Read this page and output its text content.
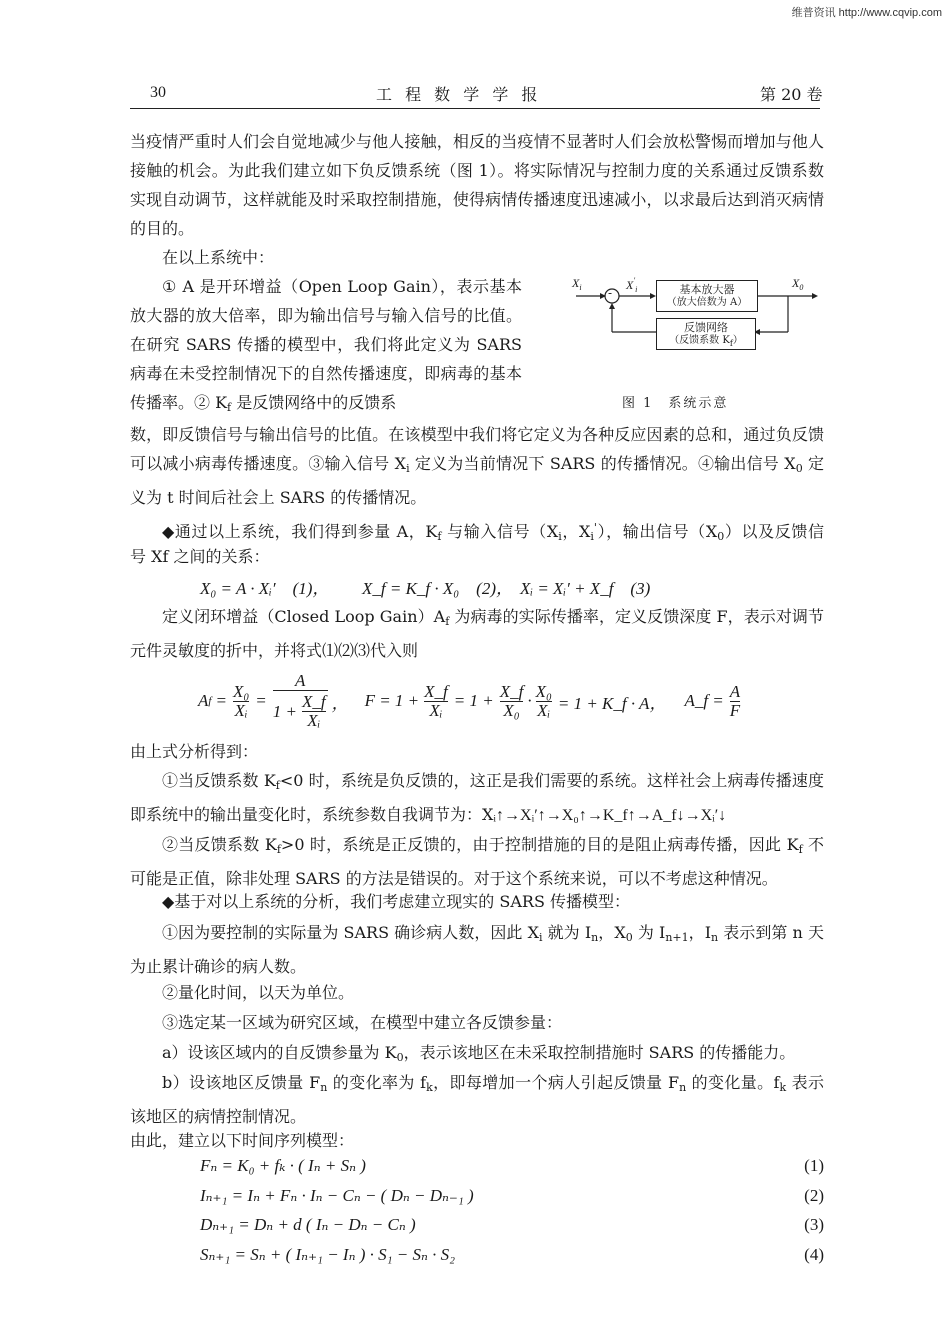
维普资讯 http://www.cqvip.com
30	工 程 数 学 学 报	第 20 卷

当疫情严重时人们会自觉地减少与他人接触，相反的当疫情不显著时人们会放松警惕而增加与他人接触的机会。为此我们建立如下负反馈系统（图 1）。将实际情况与控制力度的关系通过反馈系数实现自动调节，这样就能及时采取控制措施，使得病情传播速度迅速减小，以求最后达到消灭病情的目的。

在以上系统中：

① A 是开环增益（Open Loop Gain），表示基本放大器的放大倍率，即为输出信号与输入信号的比值。在研究 SARS 传播的模型中，我们将此定义为 SARS 病毒在未受控制情况下的自然传播速度，即病毒的基本传播率。② $K_f$ 是反馈网络中的反馈系

$X_i$ -
$X'_i$	$X_0$
基本放大器
（放大倍数为 A）
反馈网络
（反馈系数 $K_f$）
图 1　系统示意

数，即反馈信号与输出信号的比值。在该模型中我们将它定义为各种反应因素的总和，通过负反馈可以减小病毒传播速度。③输入信号 $X_i$ 定义为当前情况下 SARS 的传播情况。④输出信号 $X_0$ 定义为 t 时间后社会上 SARS 的传播情况。

◆通过以上系统，我们得到参量 A，$K_f$ 与输入信号（$X_i$，$X_i'$），输出信号$(X_0)$以及反馈信

号 Xf 之间的关系：

X₀ = A · Xᵢ′　(1)， X_f = K_f · X₀　(2)， Xᵢ = Xᵢ′ + X_f　(3)

定义闭环增益（Closed Loop $Gain)A_f$ 为病毒的实际传播率，定义反馈深度 F，表示对调节元件灵敏度的折中，并将式⑴⑵⑶代入则

A $f = \frac{\text{X₀}}{\text{Xᵢ}} = \frac{A}{1 + \frac{X\_f}{\text{Xᵢ}}}$ ， $F = 1 + \frac{X\_f}{\text{Xᵢ}} = 1 + \frac{X\_f}{\text{X₀}} \cdot \frac{\text{X₀}}{\text{Xᵢ}} = 1$ + K_f · A， A_f = $\frac{A}{F}$

由上式分析得到：

①当反馈系数 $K_f<0$ 时，系统是负反馈的，这正是我们需要的系统。这样社会上病毒传播速度即系统中的输出量变化时，系统参数自我调节为：Xᵢ↑→Xᵢ′↑→X₀↑→K_f↑→A_f↓→Xᵢ′↓

②当反馈系数 $K_f>0$ 时，系统是正反馈的，由于控制措施的目的是阻止病毒传播，因此 $K_f$ 不可能是正值，除非处理 SARS 的方法是错误的。对于这个系统来说，可以不考虑这种情况。

◆基于对以上系统的分析，我们考虑建立现实的 SARS 传播模型：

①因为要控制的实际量为 SARS 确诊病人数，因此 $X_i$ 就为 $I_n$，$X_0$ 为 $I_{n+1}$，$I_n$ 表示到第 n 天为止累计确诊的病人数。

②量化时间，以天为单位。

③选定某一区域为研究区域，在模型中建立各反馈参量：

a）设该区域内的自反馈参量为 $K_0$，表示该地区在未采取控制措施时 SARS 的传播能力。

b）设该地区反馈量 $F_n$ 的变化率为 $f_k$，即每增加一个病人引起反馈量 $F_n$ 的变化量。$f_k$ 表示该地区的病情控制情况。

由此，建立以下时间序列模型：

Fₙ = K₀ + fₖ · ( Iₙ + Sₙ )	(1)
Iₙ₊₁ = Iₙ + Fₙ · Iₙ − Cₙ − ( Dₙ − Dₙ₋₁ )	(2)
Dₙ₊₁ = Dₙ + d ( Iₙ − Dₙ − Cₙ )	(3)
Sₙ₊₁ = Sₙ + ( Iₙ₊₁ − Iₙ ) · S₁ − Sₙ · S₂	(4)
